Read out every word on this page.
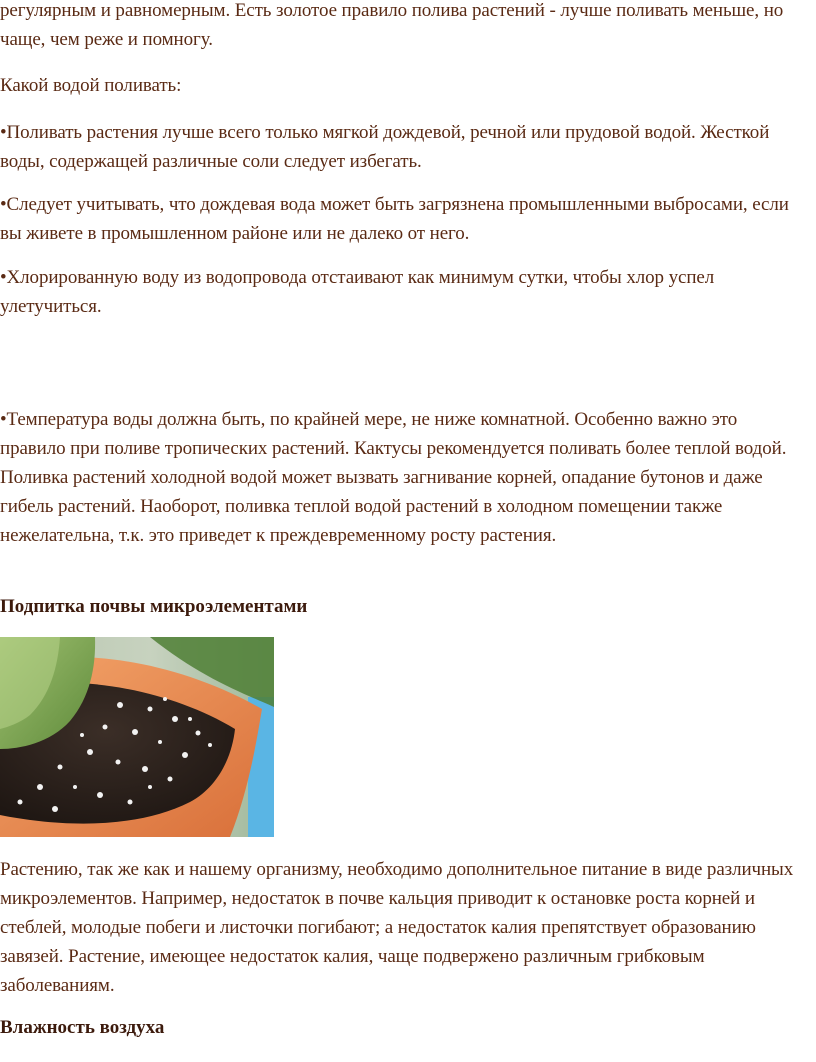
регулярным и равномерным. Есть золотое правило полива растений - лучше поливать меньше, но чаще, чем реже и помногу.

Какой водой поливать:

•Поливать растения лучше всего только мягкой дождевой, речной или прудовой водой. Жесткой воды, содержащей различные соли следует избегать.

•Следует учитывать, что дождевая вода может быть загрязнена промышленными выбросами, если вы живете в промышленном районе или не далеко от него.

•Хлорированную воду из водопровода отстаивают как минимум сутки, чтобы хлор успел улетучиться.

•Температура воды должна быть, по крайней мере, не ниже комнатной. Особенно важно это правило при поливе тропических растений. Кактусы рекомендуется поливать более теплой водой. Поливка растений холодной водой может вызвать загнивание корней, опадание бутонов и даже гибель растений. Наоборот, поливка теплой водой растений в холодном помещении также нежелательна, т.к. это приведет к преждевременному росту растения.

Подпитка почвы микроэлементами

Растению, так же как и нашему организму, необходимо дополнительное питание в виде различных микроэлементов. Например, недостаток в почве кальция приводит к остановке роста корней и стеблей, молодые побеги и листочки погибают; а недостаток калия препятствует образованию завязей. Растение, имеющее недостаток калия, чаще подвержено различным грибковым заболеваниям.

Влажность воздуха
